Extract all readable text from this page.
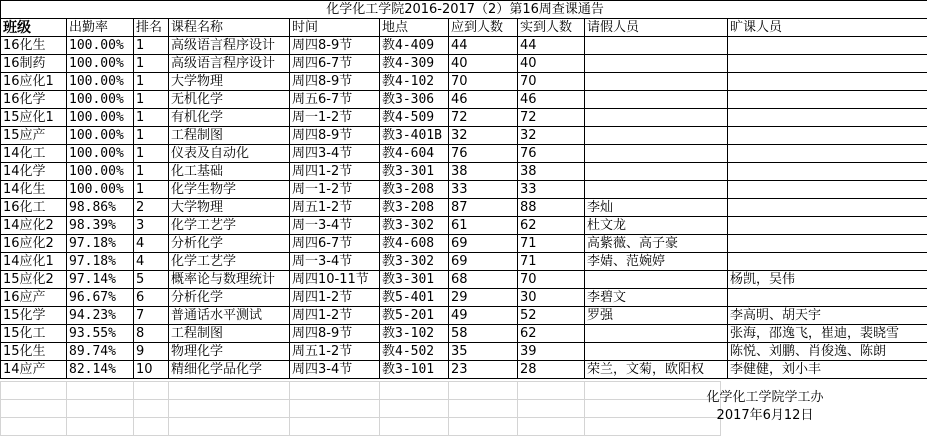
化学化工学院2016-2017（2）第16周查课通告									
班级	出勤率	排名	课程名称	时间	地点	应到人数	实到人数	请假人员	旷课人员
16化生	100.00%	1	高级语言程序设计	周四8-9节	教4-409	44	44		
16制药	100.00%	1	高级语言程序设计	周四6-7节	教4-309	40	40		
16应化1	100.00%	1	大学物理	周四8-9节	教4-102	70	70		
16化学	100.00%	1	无机化学	周五6-7节	教3-306	46	46		
15应化1	100.00%	1	有机化学	周一1-2节	教4-509	72	72		
15应产	100.00%	1	工程制图	周四8-9节	教3-401B	32	32		
14化工	100.00%	1	仪表及自动化	周四3-4节	教4-604	76	76		
14化学	100.00%	1	化工基础	周四1-2节	教3-301	38	38		
14化生	100.00%	1	化学生物学	周一1-2节	教3-208	33	33		
16化工	98.86%	2	大学物理	周五1-2节	教3-208	87	88	李灿	
14应化2	98.39%	3	化学工艺学	周一3-4节	教3-302	61	62	杜文龙	
16应化2	97.18%	4	分析化学	周四6-7节	教4-608	69	71	高紫薇、高子豪	
14应化1	97.18%	4	化学工艺学	周一3-4节	教3-302	69	71	李婧、范婉婷	
15应化2	97.14%	5	概率论与数理统计	周四10-11节	教3-301	68	70		杨凯，吴伟
16应产	96.67%	6	分析化学	周四1-2节	教5-401	29	30	李碧文	
15化学	94.23%	7	普通话水平测试	周四1-2节	教5-201	49	52	罗强	李高明、胡天宇
15化工	93.55%	8	工程制图	周四8-9节	教3-102	58	62		张海，邵逸飞，崔迪，裴晓雪
15化生	89.74%	9	物理化学	周五1-2节	教4-502	35	39		陈悦、刘鹏、肖俊逸、陈朗
14应产	82.14%	10	精细化学品化学	周四3-4节	教3-101	23	28	荣兰，文菊，欧阳权	李健健，刘小丰

化学化工学院学工办
2017年6月12日
